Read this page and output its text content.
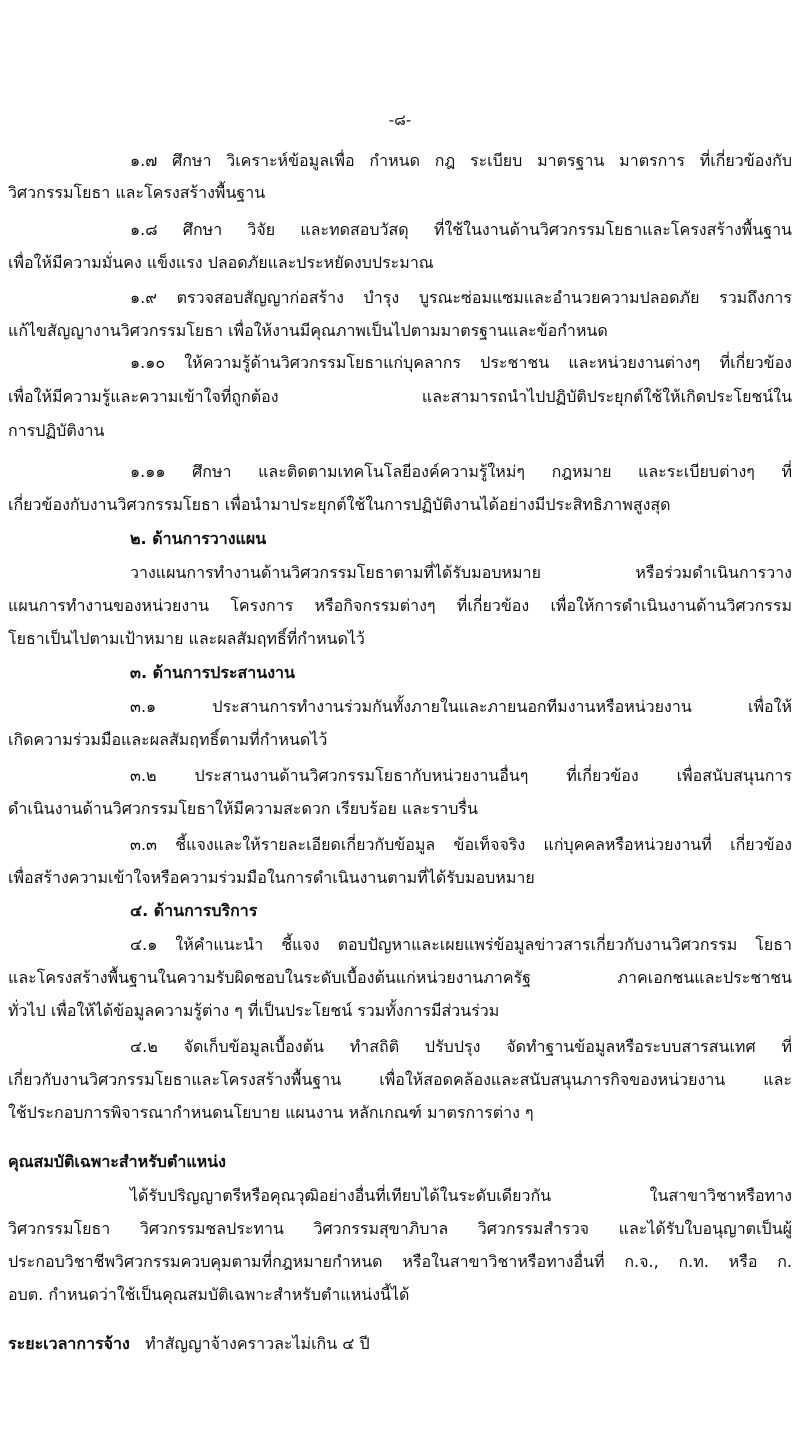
-๘-
๑.๗ ศึกษา วิเคราะห์ข้อมูลเพื่อ กำหนด กฎ ระเบียบ มาตรฐาน มาตรการ ที่เกี่ยวข้องกับ
วิศวกรรมโยธา และโครงสร้างพื้นฐาน
๑.๘ ศึกษา วิจัย และทดสอบวัสดุ ที่ใช้ในงานด้านวิศวกรรมโยธาและโครงสร้างพื้นฐาน
เพื่อให้มีความมั่นคง แข็งแรง ปลอดภัยและประหยัดงบประมาณ
๑.๙ ตรวจสอบสัญญาก่อสร้าง บำรุง บูรณะซ่อมแซมและอำนวยความปลอดภัย รวมถึงการ
แก้ไขสัญญางานวิศวกรรมโยธา เพื่อให้งานมีคุณภาพเป็นไปตามมาตรฐานและข้อกำหนด
๑.๑๐ ให้ความรู้ด้านวิศวกรรมโยธาแก่บุคลากร ประชาชน และหน่วยงานต่างๆ ที่เกี่ยวข้อง
เพื่อให้มีความรู้และความเข้าใจที่ถูกต้อง และสามารถนำไปปฏิบัติประยุกต์ใช้ให้เกิดประโยชน์ใน
การปฏิบัติงาน
๑.๑๑ ศึกษา และติดตามเทคโนโลยีองค์ความรู้ใหม่ๆ กฎหมาย และระเบียบต่างๆ ที่
เกี่ยวข้องกับงานวิศวกรรมโยธา เพื่อนำมาประยุกต์ใช้ในการปฏิบัติงานได้อย่างมีประสิทธิภาพสูงสุด
๒. ด้านการวางแผน
วางแผนการทำงานด้านวิศวกรรมโยธาตามที่ได้รับมอบหมาย หรือร่วมดำเนินการวาง
แผนการทำงานของหน่วยงาน โครงการ หรือกิจกรรมต่างๆ ที่เกี่ยวข้อง เพื่อให้การดำเนินงานด้านวิศวกรรม
โยธาเป็นไปตามเป้าหมาย และผลสัมฤทธิ์ที่กำหนดไว้
๓. ด้านการประสานงาน
๓.๑ ประสานการทำงานร่วมกันทั้งภายในและภายนอกทีมงานหรือหน่วยงาน เพื่อให้
เกิดความร่วมมือและผลสัมฤทธิ์ตามที่กำหนดไว้
๓.๒ ประสานงานด้านวิศวกรรมโยธากับหน่วยงานอื่นๆ ที่เกี่ยวข้อง เพื่อสนับสนุนการ
ดำเนินงานด้านวิศวกรรมโยธาให้มีความสะดวก เรียบร้อย และราบรื่น
๓.๓ ชี้แจงและให้รายละเอียดเกี่ยวกับข้อมูล ข้อเท็จจริง แก่บุคคลหรือหน่วยงานที่ เกี่ยวข้อง
เพื่อสร้างความเข้าใจหรือความร่วมมือในการดำเนินงานตามที่ได้รับมอบหมาย
๔. ด้านการบริการ
๔.๑ ให้คำแนะนำ ชี้แจง ตอบปัญหาและเผยแพร่ข้อมูลข่าวสารเกี่ยวกับงานวิศวกรรม โยธา
และโครงสร้างพื้นฐานในความรับผิดชอบในระดับเบื้องต้นแก่หน่วยงานภาครัฐ ภาคเอกชนและประชาชน
ทั่วไป เพื่อให้ได้ข้อมูลความรู้ต่าง ๆ ที่เป็นประโยชน์ รวมทั้งการมีส่วนร่วม
๔.๒ จัดเก็บข้อมูลเบื้องต้น ทำสถิติ ปรับปรุง จัดทำฐานข้อมูลหรือระบบสารสนเทศ ที่
เกี่ยวกับงานวิศวกรรมโยธาและโครงสร้างพื้นฐาน เพื่อให้สอดคล้องและสนับสนุนภารกิจของหน่วยงาน และ
ใช้ประกอบการพิจารณากำหนดนโยบาย แผนงาน หลักเกณฑ์ มาตรการต่าง ๆ
คุณสมบัติเฉพาะสำหรับตำแหน่ง
ได้รับปริญญาตรีหรือคุณวุฒิอย่างอื่นที่เทียบได้ในระดับเดียวกัน ในสาขาวิชาหรือทาง
วิศวกรรมโยธา วิศวกรรมชลประทาน วิศวกรรมสุขาภิบาล วิศวกรรมสำรวจ และได้รับใบอนุญาตเป็นผู้
ประกอบวิชาชีพวิศวกรรมควบคุมตามที่กฎหมายกำหนด หรือในสาขาวิชาหรือทางอื่นที่ ก.จ., ก.ท. หรือ ก.
อบต. กำหนดว่าใช้เป็นคุณสมบัติเฉพาะสำหรับตำแหน่งนี้ได้
ระยะเวลาการจ้าง ทำสัญญาจ้างคราวละไม่เกิน ๔ ปี
